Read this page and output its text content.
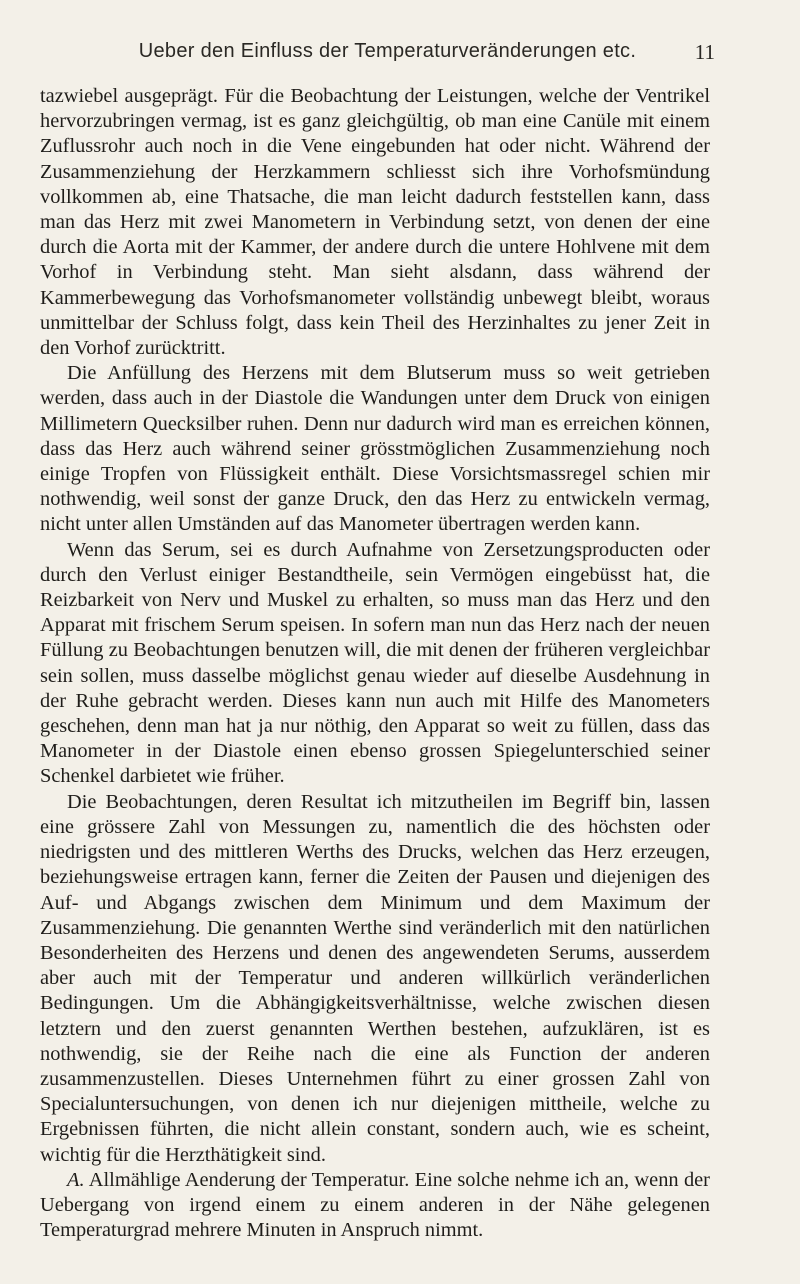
Ueber den Einfluss der Temperaturveränderungen etc.	11

tazwiebel ausgeprägt. Für die Beobachtung der Leistungen, welche der Ventrikel hervorzubringen vermag, ist es ganz gleichgültig, ob man eine Canüle mit einem Zuflussrohr auch noch in die Vene eingebunden hat oder nicht. Während der Zusammenziehung der Herzkammern schliesst sich ihre Vorhofsmündung vollkommen ab, eine Thatsache, die man leicht dadurch feststellen kann, dass man das Herz mit zwei Manometern in Verbindung setzt, von denen der eine durch die Aorta mit der Kammer, der andere durch die untere Hohlvene mit dem Vorhof in Verbindung steht. Man sieht alsdann, dass während der Kammerbewegung das Vorhofsmanometer vollständig unbewegt bleibt, woraus unmittelbar der Schluss folgt, dass kein Theil des Herzinhaltes zu jener Zeit in den Vorhof zurücktritt.

Die Anfüllung des Herzens mit dem Blutserum muss so weit getrieben werden, dass auch in der Diastole die Wandungen unter dem Druck von einigen Millimetern Quecksilber ruhen. Denn nur dadurch wird man es erreichen können, dass das Herz auch während seiner grösstmöglichen Zusammenziehung noch einige Tropfen von Flüssigkeit enthält. Diese Vorsichtsmassregel schien mir nothwendig, weil sonst der ganze Druck, den das Herz zu entwickeln vermag, nicht unter allen Umständen auf das Manometer übertragen werden kann.

Wenn das Serum, sei es durch Aufnahme von Zersetzungsproducten oder durch den Verlust einiger Bestandtheile, sein Vermögen eingebüsst hat, die Reizbarkeit von Nerv und Muskel zu erhalten, so muss man das Herz und den Apparat mit frischem Serum speisen. In sofern man nun das Herz nach der neuen Füllung zu Beobachtungen benutzen will, die mit denen der früheren vergleichbar sein sollen, muss dasselbe möglichst genau wieder auf dieselbe Ausdehnung in der Ruhe gebracht werden. Dieses kann nun auch mit Hilfe des Manometers geschehen, denn man hat ja nur nöthig, den Apparat so weit zu füllen, dass das Manometer in der Diastole einen ebenso grossen Spiegelunterschied seiner Schenkel darbietet wie früher.

Die Beobachtungen, deren Resultat ich mitzutheilen im Begriff bin, lassen eine grössere Zahl von Messungen zu, namentlich die des höchsten oder niedrigsten und des mittleren Werths des Drucks, welchen das Herz erzeugen, beziehungsweise ertragen kann, ferner die Zeiten der Pausen und diejenigen des Auf- und Abgangs zwischen dem Minimum und dem Maximum der Zusammenziehung. Die genannten Werthe sind veränderlich mit den natürlichen Besonderheiten des Herzens und denen des angewendeten Serums, ausserdem aber auch mit der Temperatur und anderen willkürlich veränderlichen Bedingungen. Um die Abhängigkeitsverhältnisse, welche zwischen diesen letztern und den zuerst genannten Werthen bestehen, aufzuklären, ist es nothwendig, sie der Reihe nach die eine als Function der anderen zusammenzustellen. Dieses Unternehmen führt zu einer grossen Zahl von Specialuntersuchungen, von denen ich nur diejenigen mittheile, welche zu Ergebnissen führten, die nicht allein constant, sondern auch, wie es scheint, wichtig für die Herzthätigkeit sind.

A. Allmählige Aenderung der Temperatur. Eine solche nehme ich an, wenn der Uebergang von irgend einem zu einem anderen in der Nähe gelegenen Temperaturgrad mehrere Minuten in Anspruch nimmt.
